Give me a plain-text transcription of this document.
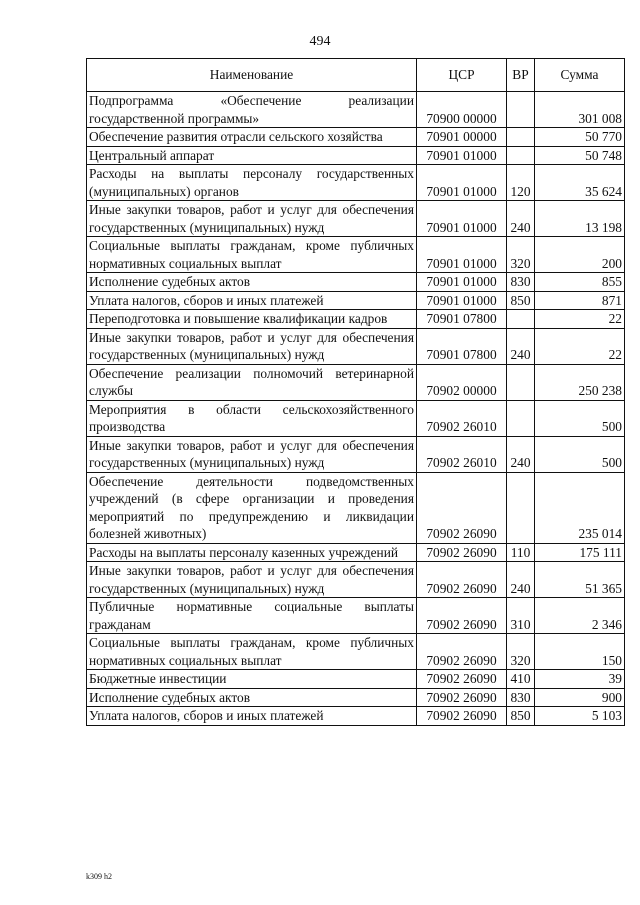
494
Наименование	ЦСР	ВР	Сумма
Подпрограмма «Обеспечение реализации государственной программы»	70900 00000		301 008
Обеспечение развития отрасли сельского хозяйства	70901 00000		50 770
Центральный аппарат	70901 01000		50 748
Расходы на выплаты персоналу государственных (муниципальных) органов	70901 01000	120	35 624
Иные закупки товаров, работ и услуг для обеспечения государственных (муниципальных) нужд	70901 01000	240	13 198
Социальные выплаты гражданам, кроме публичных нормативных социальных выплат	70901 01000	320	200
Исполнение судебных актов	70901 01000	830	855
Уплата налогов, сборов и иных платежей	70901 01000	850	871
Переподготовка и повышение квалификации кадров	70901 07800		22
Иные закупки товаров, работ и услуг для обеспечения государственных (муниципальных) нужд	70901 07800	240	22
Обеспечение реализации полномочий ветеринарной службы	70902 00000		250 238
Мероприятия в области сельскохозяйственного производства	70902 26010		500
Иные закупки товаров, работ и услуг для обеспечения государственных (муниципальных) нужд	70902 26010	240	500
Обеспечение деятельности подведомственных учреждений (в сфере организации и проведения мероприятий по предупреждению и ликвидации болезней животных)	70902 26090		235 014
Расходы на выплаты персоналу казенных учреждений	70902 26090	110	175 111
Иные закупки товаров, работ и услуг для обеспечения государственных (муниципальных) нужд	70902 26090	240	51 365
Публичные нормативные социальные выплаты гражданам	70902 26090	310	2 346
Социальные выплаты гражданам, кроме публичных нормативных социальных выплат	70902 26090	320	150
Бюджетные инвестиции	70902 26090	410	39
Исполнение судебных актов	70902 26090	830	900
Уплата налогов, сборов и иных платежей	70902 26090	850	5 103
k309 h2
